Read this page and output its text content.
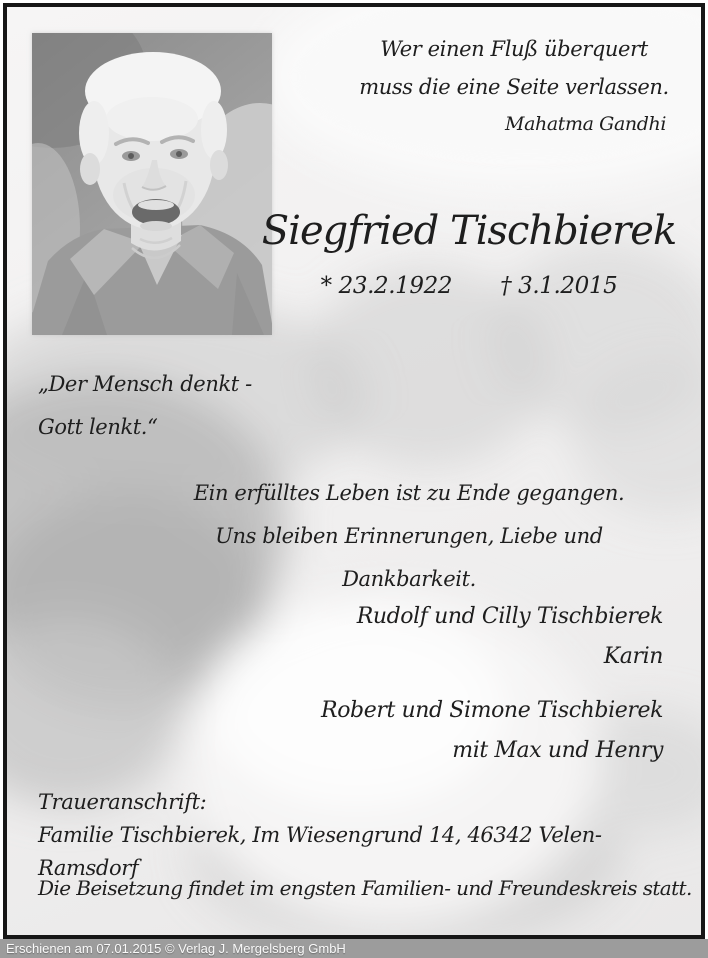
Wer einen Fluß überquert
muss die eine Seite verlassen.
Mahatma Gandhi
Siegfried Tischbierek
* 23.2.1922 † 3.1.2015
„Der Mensch denkt -
Gott lenkt.“
Ein erfülltes Leben ist zu Ende gegangen.
Uns bleiben Erinnerungen, Liebe und Dankbarkeit.
Rudolf und Cilly Tischbierek
Karin
Robert und Simone Tischbierek
mit Max und Henry
Traueranschrift:
Familie Tischbierek, Im Wiesengrund 14, 46342 Velen-Ramsdorf
Die Beisetzung findet im engsten Familien- und Freundeskreis statt.
Erschienen am 07.01.2015 © Verlag J. Mergelsberg GmbH
